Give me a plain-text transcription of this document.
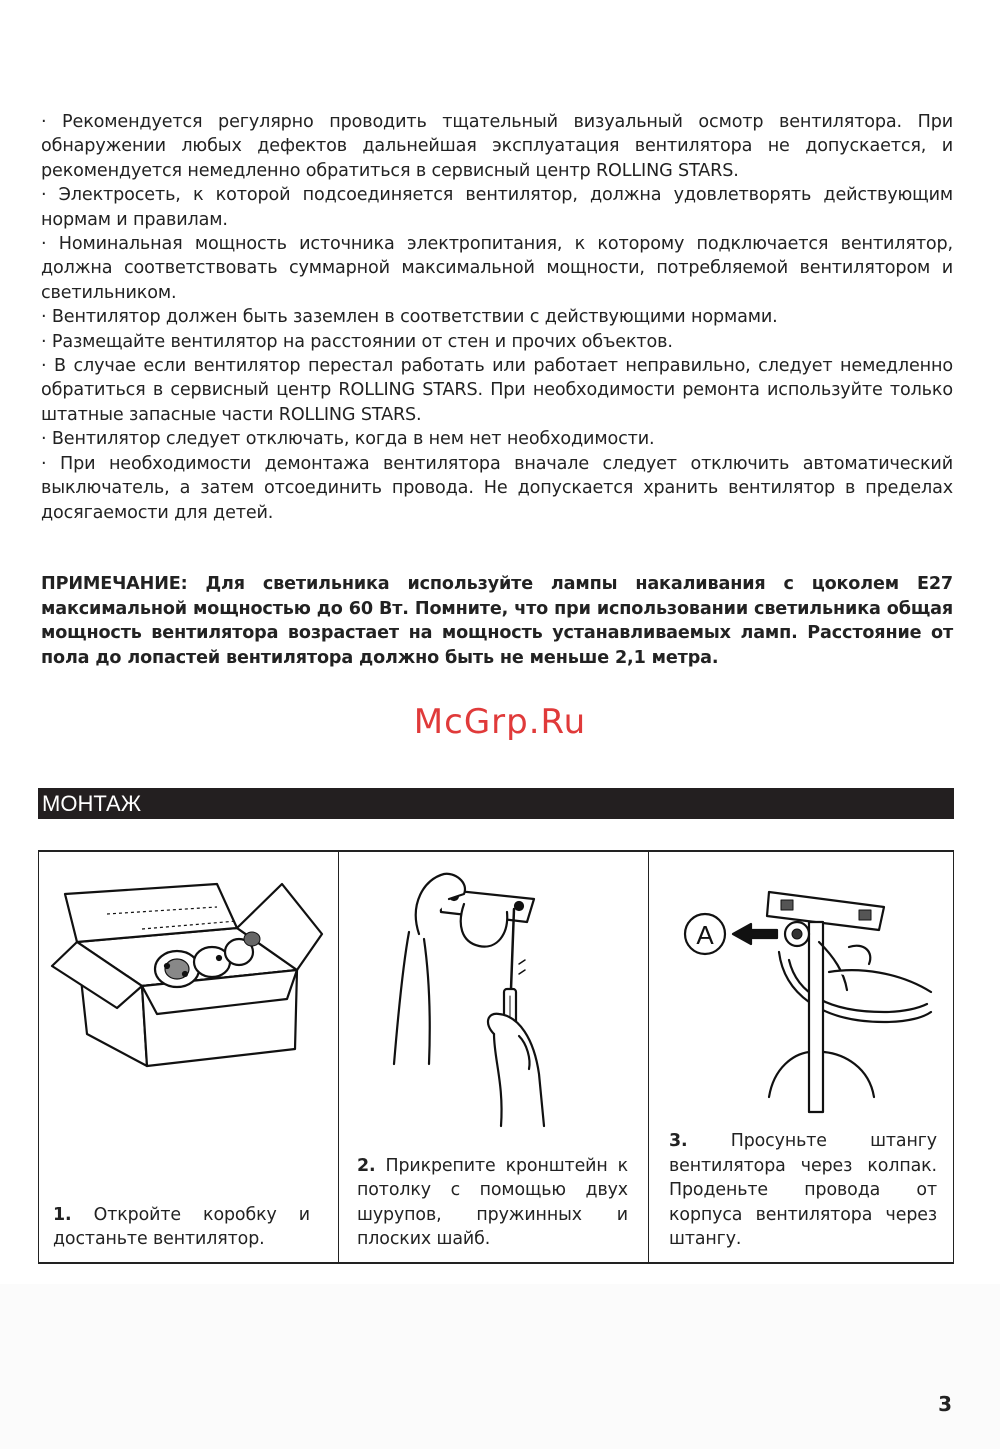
· Рекомендуется регулярно проводить тщательный визуальный осмотр вентилятора. При обнаружении любых дефектов дальнейшая эксплуатация вентилятора не допускается, и рекомендуется немедленно обратиться в сервисный центр ROLLING STARS.

· Электросеть, к которой подсоединяется вентилятор, должна удовлетворять действующим нормам и правилам.

· Номинальная мощность источника электропитания, к которому подключается вентилятор, должна соответствовать суммарной максимальной мощности, потребляемой вентилятором и светильником.

· Вентилятор должен быть заземлен в соответствии с действующими нормами.

· Размещайте вентилятор на расстоянии от стен и прочих объектов.

· В случае если вентилятор перестал работать или работает неправильно, следует немедленно обратиться в сервисный центр ROLLING STARS. При необходимости ремонта используйте только штатные запасные части ROLLING STARS.

· Вентилятор следует отключать, когда в нем нет необходимости.

· При необходимости демонтажа вентилятора вначале следует отключить автоматический выключатель, а затем отсоединить провода. Не допускается хранить вентилятор в пределах досягаемости для детей.

ПРИМЕЧАНИЕ: Для светильника используйте лампы накаливания с цоколем E27 максимальной мощностью до 60 Вт. Помните, что при использовании светильника общая мощность вентилятора возрастает на мощность устанавливаемых ламп. Расстояние от пола до лопастей вентилятора должно быть не меньше 2,1 метра.
McGrp.Ru
МОНТАЖ
1. Откройте коробку и достаньте вентилятор.
2. Прикрепите кронштейн к потолку с помощью двух шурупов, пружинных и плоских шайб.
A
3. Просуньте штангу вентилятора через колпак. Проденьте провода от корпуса вентилятора через штангу.
3
